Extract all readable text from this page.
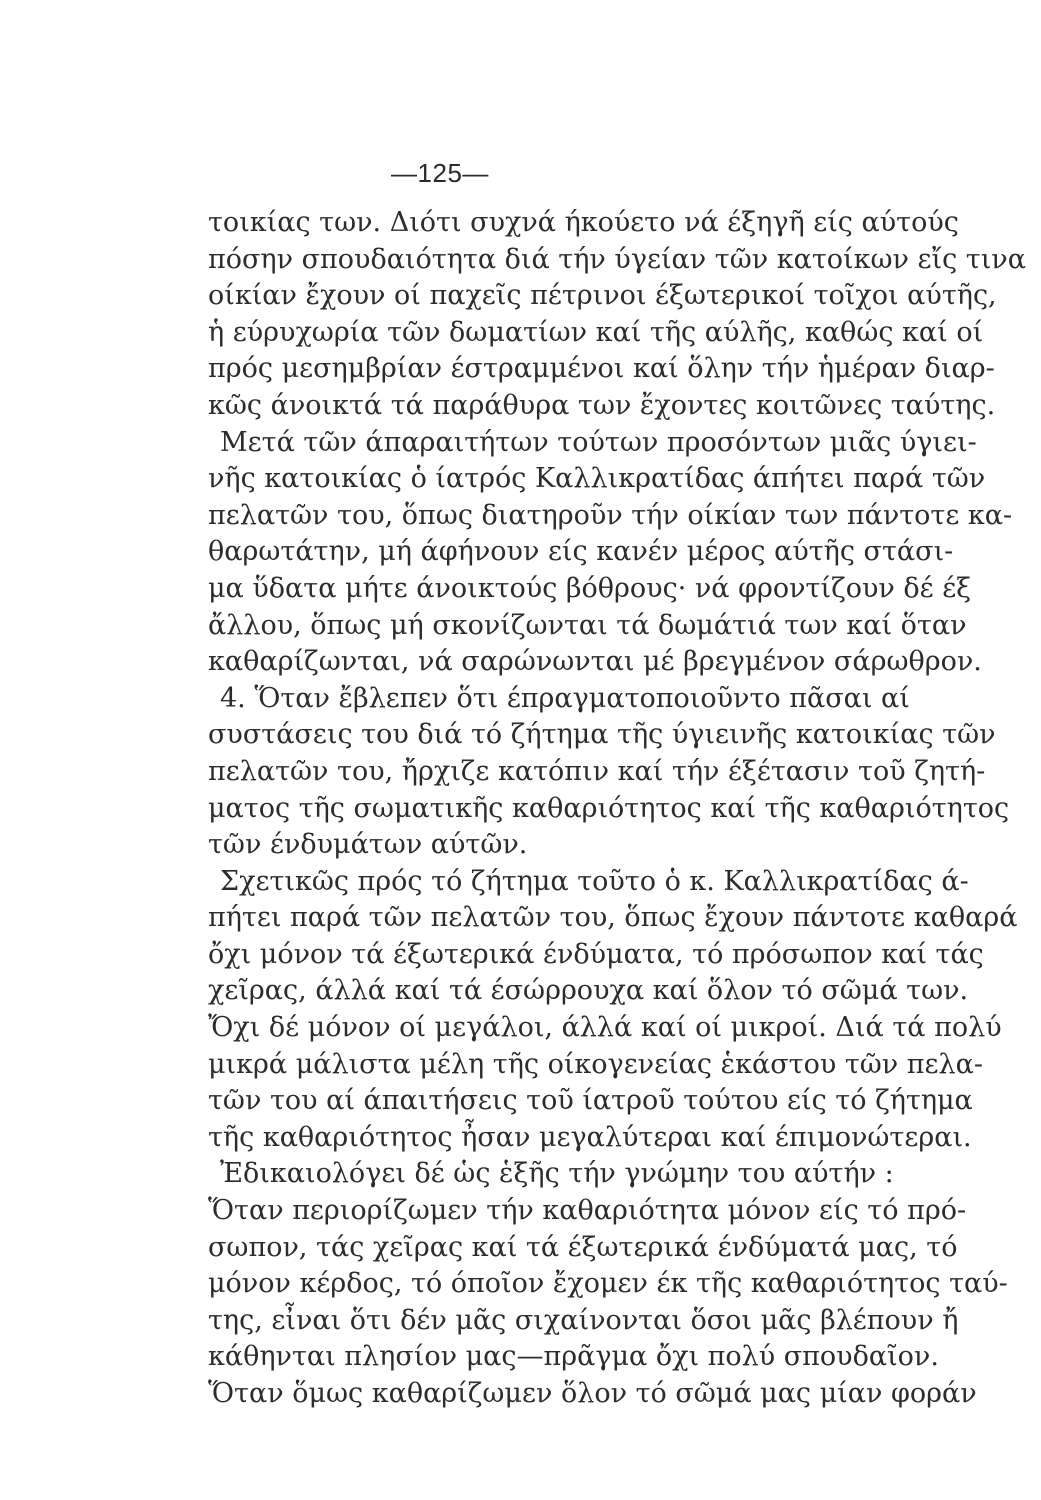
—125—
τοικίας των. Διότι συχνά ήκούετο νά έξηγῆ είς αύτούς
πόσην σπουδαιότητα διά τήν ύγείαν τῶν κατοίκων εἴς τινα
οίκίαν ἔχουν οί παχεῖς πέτρινοι έξωτερικοί τοῖχοι αύτῆς,
ἡ εύρυχωρία τῶν δωματίων καί τῆς αύλῆς, καθώς καί οί
πρός μεσημβρίαν έστραμμένοι καί ὅλην τήν ἡμέραν διαρ-
κῶς άνοικτά τά παράθυρα των ἔχοντες κοιτῶνες ταύτης.
Μετά τῶν άπαραιτήτων τούτων προσόντων μιᾶς ύγιει-
νῆς κατοικίας ὁ ίατρός Καλλικρατίδας άπήτει παρά τῶν
πελατῶν του, ὅπως διατηροῦν τήν οίκίαν των πάντοτε κα-
θαρωτάτην, μή άφήνουν είς κανέν μέρος αύτῆς στάσι-
μα ὕδατα μήτε άνοικτούς βόθρους· νά φροντίζουν δέ έξ
ἄλλου, ὅπως μή σκονίζωνται τά δωμάτιά των καί ὅταν
καθαρίζωνται, νά σαρώνωνται μέ βρεγμένον σάρωθρον.
4. Ὅταν ἔβλεπεν ὅτι έπραγματοποιοῦντο πᾶσαι αί
συστάσεις του διά τό ζήτημα τῆς ύγιεινῆς κατοικίας τῶν
πελατῶν του, ἤρχιζε κατόπιν καί τήν έξέτασιν τοῦ ζητή-
ματος τῆς σωματικῆς καθαριότητος καί τῆς καθαριότητος
τῶν ένδυμάτων αύτῶν.
Σχετικῶς πρός τό ζήτημα τοῦτο ὁ κ. Καλλικρατίδας ά-
πήτει παρά τῶν πελατῶν του, ὅπως ἔχουν πάντοτε καθαρά
ὄχι μόνον τά έξωτερικά ένδύματα, τό πρόσωπον καί τάς
χεῖρας, άλλά καί τά έσώρρουχα καί ὅλον τό σῶμά των.
Ὄχι δέ μόνον οί μεγάλοι, άλλά καί οί μικροί. Διά τά πολύ
μικρά μάλιστα μέλη τῆς οίκογενείας ἑκάστου τῶν πελα-
τῶν του αί άπαιτήσεις τοῦ ίατροῦ τούτου είς τό ζήτημα
τῆς καθαριότητος ἦσαν μεγαλύτεραι καί έπιμονώτεραι.
Ἐδικαιολόγει δέ ὡς ἑξῆς τήν γνώμην του αύτήν :
Ὅταν περιορίζωμεν τήν καθαριότητα μόνον είς τό πρό-
σωπον, τάς χεῖρας καί τά έξωτερικά ένδύματά μας, τό
μόνον κέρδος, τό όποῖον ἔχομεν έκ τῆς καθαριότητος ταύ-
της, εἶναι ὅτι δέν μᾶς σιχαίνονται ὅσοι μᾶς βλέπουν ἤ
κάθηνται πλησίον μας—πρᾶγμα ὄχι πολύ σπουδαῖον.
Ὅταν ὅμως καθαρίζωμεν ὅλον τό σῶμά μας μίαν φοράν
